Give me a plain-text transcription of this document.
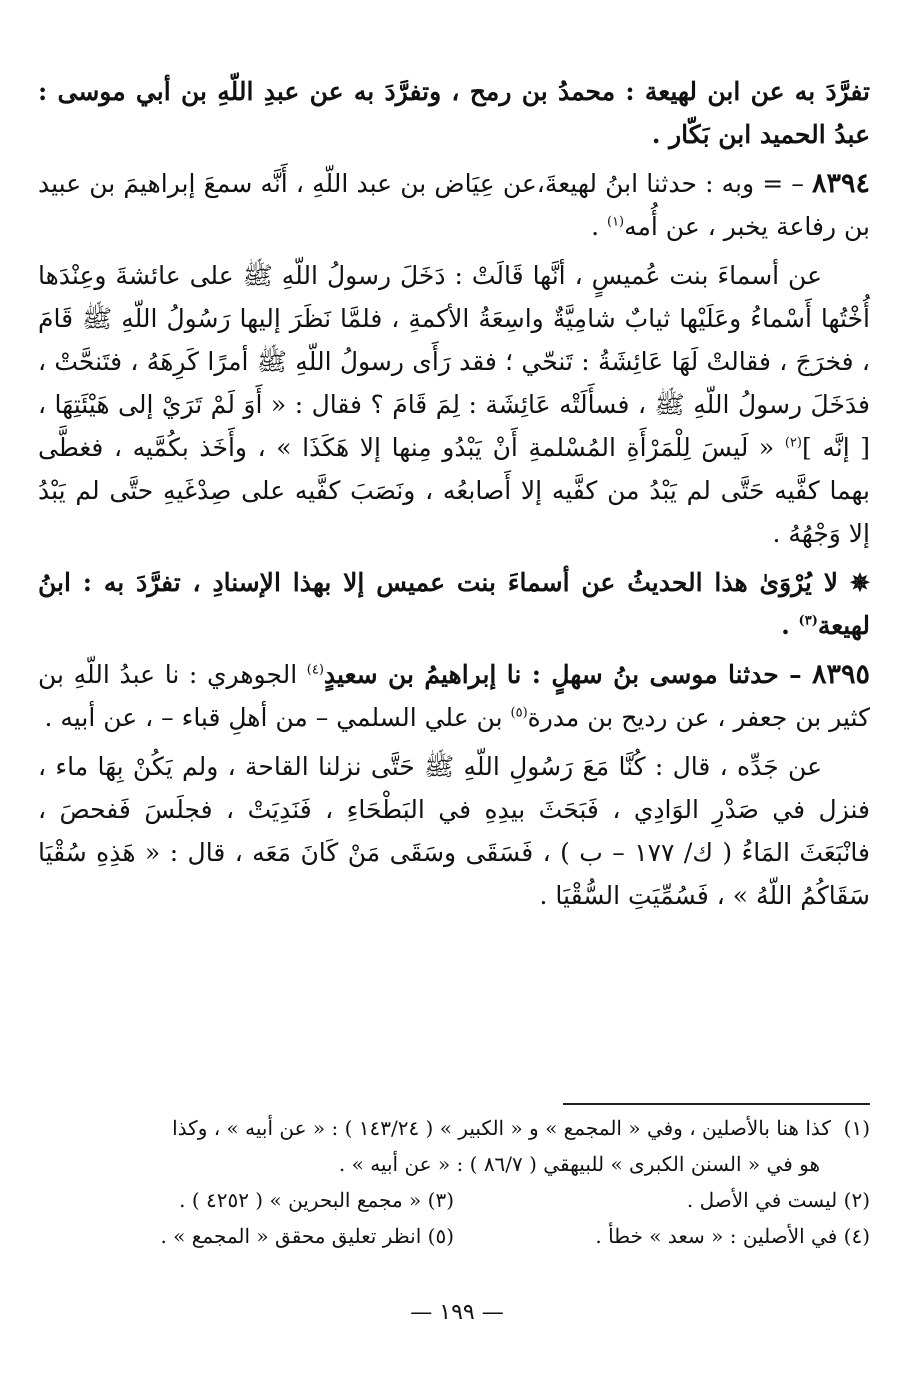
تفرَّدَ به عن ابن لهيعة : محمدُ بن رمح ، وتفرَّدَ به عن عبدِ اللّهِ بن أبي موسى : عبدُ الحميد ابن بَكّار .

٨٣٩٤ – = وبه : حدثنا ابنُ لهيعةَ،عن عِيَاض بن عبد اللّهِ ، أَنَّه سمعَ إبراهيمَ بن عبيد بن رفاعة يخبر ، عن أُمه$^{(١)}$ .

عن أسماءَ بنت عُميسٍ ، أنَّها قَالَتْ : دَخَلَ رسولُ اللّهِ ﷺ على عائشةَ وعِنْدَها أُخْتُها أَسْماءُ وعَلَيْها ثيابٌ شامِيَّةٌ واسِعَةُ الأكمةِ ، فلمَّا نَظَرَ إليها رَسُولُ اللّهِ ﷺ قَامَ ، فخرَجَ ، فقالتْ لَهَا عَائِشَةُ : تَنحّي ؛ فقد رَأَى رسولُ اللّهِ ﷺ أمرًا كَرِهَهُ ، فتَنحَّتْ ، فدَخَلَ رسولُ اللّهِ ﷺ ، فسأَلَتْه عَائِشَة : لِمَ قَامَ ؟ فقال : « أَوَ لَمْ تَرَيْ إلى هَيْئَتِهَا ، [ إنَّه ]$^{(٢)}$ « لَيسَ لِلْمَرْأَةِ المُسْلمةِ أَنْ يَبْدُو مِنها إلا هَكَذَا » ، وأَخَذ بكُمَّيه ، فغطَّى بهما كفَّيه حَتَّى لم يَبْدُ من كفَّيه إلا أَصابعُه ، ونَصَبَ كفَّيه على صِدْغَيهِ حتَّى لم يَبْدُ إلا وَجْهُهُ .

✵ لا يُرْوَىٰ هذا الحديثُ عن أسماءَ بنت عميس إلا بهذا الإسنادِ ، تفرَّدَ به : ابنُ لهيعة$^{(٣)}$ .

٨٣٩٥ – حدثنا موسى بنُ سهلٍ : نا إبراهيمُ بن سعيدٍ$^{(٤)}$ الجوهري : نا عبدُ اللّهِ بن كثير بن جعفر ، عن رديح بن مدرة$^{(٥)}$ بن علي السلمي – من أهلِ قباء – ، عن أبيه .

عن جَدِّه ، قال : كُنَّا مَعَ رَسُولِ اللّهِ ﷺ حَتَّى نزلنا القاحة ، ولم يَكُنْ بِهَا ماء ، فنزل في صَدْرِ الوَادِي ، فَبَحَثَ بيدِهِ في البَطْحَاءِ ، فَنَدِيَتْ ، فجلَسَ فَفحصَ ، فانْبَعَثَ المَاءُ ( ك/ ١٧٧ – ب ) ، فَسَقَى وسَقَى مَنْ كَانَ مَعَه ، قال : « هَذِهِ سُقْيَا سَقَاكُمُ اللّهُ » ، فَسُمِّيَتِ السُّقْيَا .

(١)  كذا هنا بالأصلين ، وفي « المجمع » و « الكبير » ( ١٤٣/٢٤ ) : « عن أبيه » ، وكذا
هو في « السنن الكبرى » للبيهقي ( ٨٦/٧ ) : « عن أبيه » .
(٢) ليست في الأصل .
(٣) « مجمع البحرين » ( ٤٢٥٢ ) .
(٤) في الأصلين : « سعد » خطأ .
(٥) انظر تعليق محقق « المجمع » .
— ١٩٩ —
